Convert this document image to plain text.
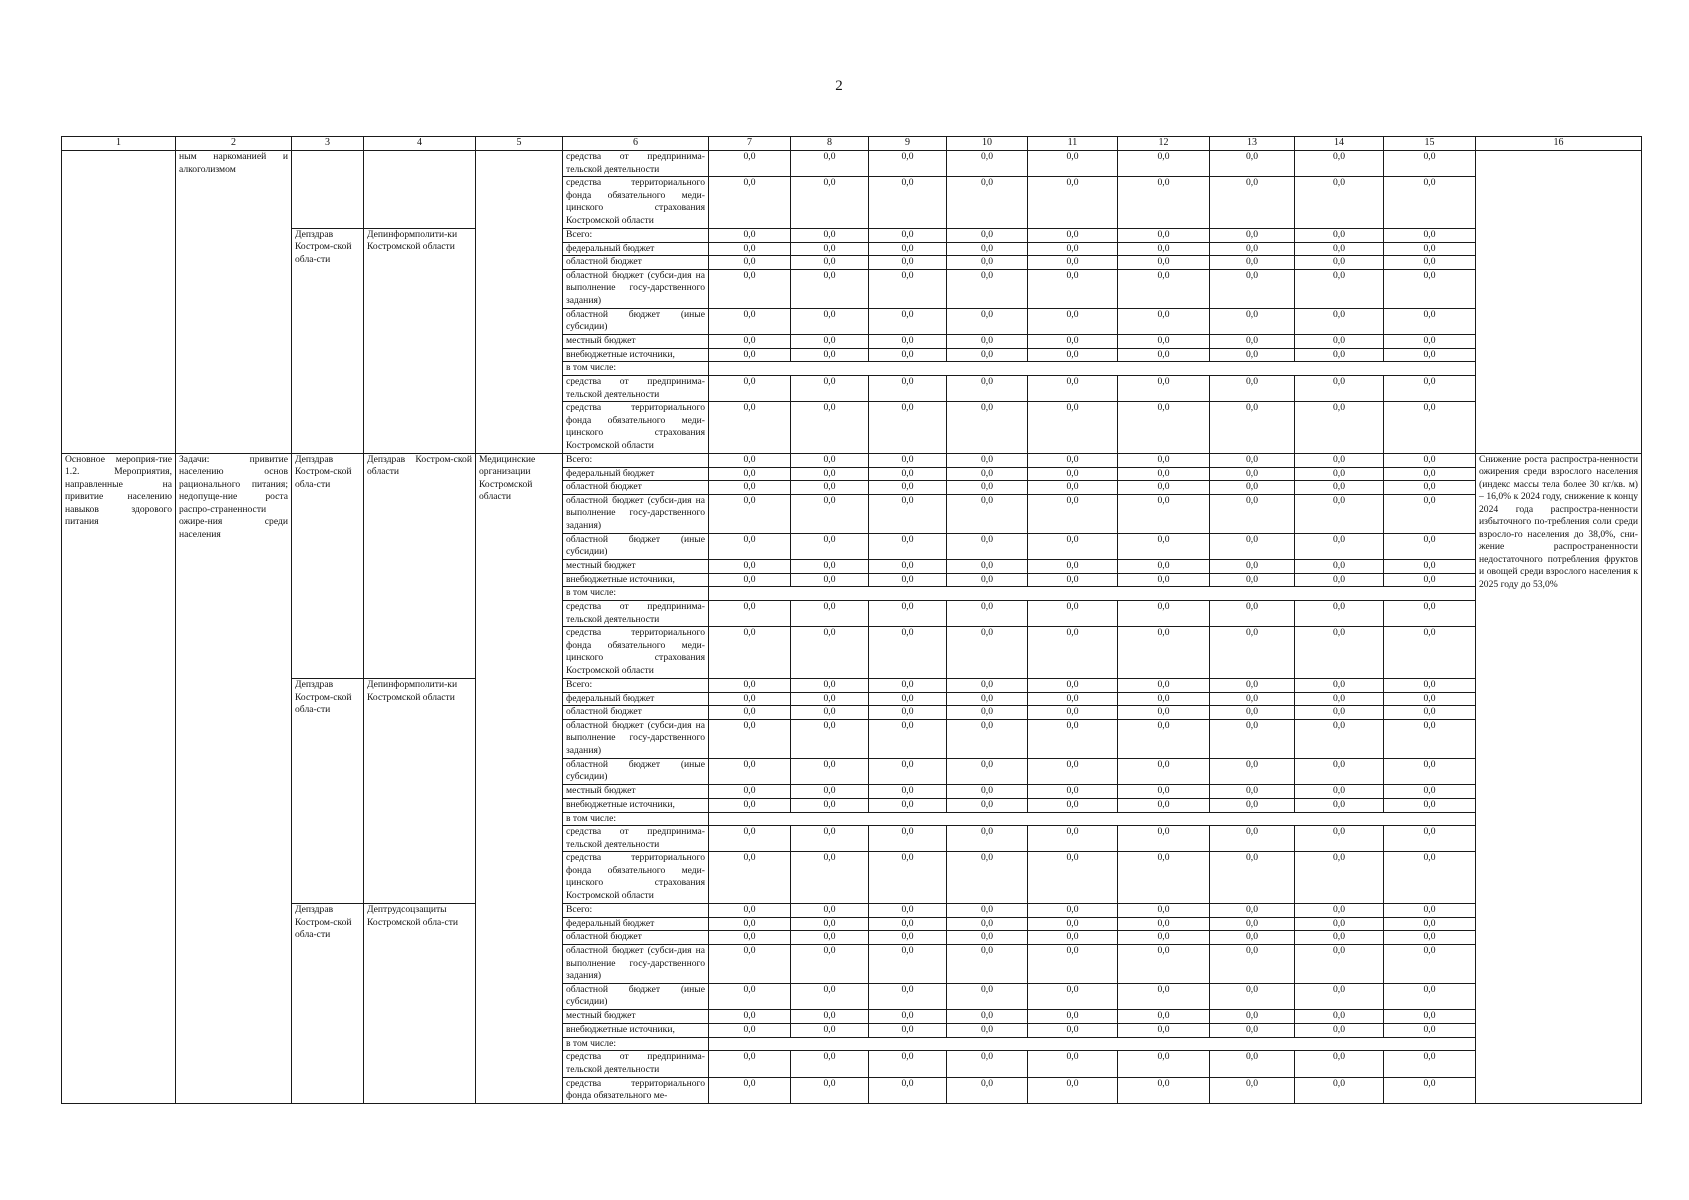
2
1	2	3	4	5	6	7	8	9	10	11	12	13	14	15	16
	ным наркоманией и алкоголизмом				средства от предпринима-тельской деятельности	0,0	0,0	0,0	0,0	0,0	0,0	0,0	0,0	0,0	
					средства территориального фонда обязательного меди-цинского страхования Костромской области	0,0	0,0	0,0	0,0	0,0	0,0	0,0	0,0	0,0	
		Депздрав Костром-ской обла-сти	Депинформполити-ки Костромской области		Всего:	0,0	0,0	0,0	0,0	0,0	0,0	0,0	0,0	0,0	
					федеральный бюджет	0,0	0,0	0,0	0,0	0,0	0,0	0,0	0,0	0,0	
					областной бюджет	0,0	0,0	0,0	0,0	0,0	0,0	0,0	0,0	0,0	
					областной бюджет (субси-дия на выполнение госу-дарственного задания)	0,0	0,0	0,0	0,0	0,0	0,0	0,0	0,0	0,0	
					областной бюджет (иные субсидии)	0,0	0,0	0,0	0,0	0,0	0,0	0,0	0,0	0,0	
					местный бюджет	0,0	0,0	0,0	0,0	0,0	0,0	0,0	0,0	0,0	
					внебюджетные источники,	0,0	0,0	0,0	0,0	0,0	0,0	0,0	0,0	0,0	
					в том числе:										
					средства от предпринима-тельской деятельности	0,0	0,0	0,0	0,0	0,0	0,0	0,0	0,0	0,0	
					средства территориального фонда обязательного меди-цинского страхования Костромской области	0,0	0,0	0,0	0,0	0,0	0,0	0,0	0,0	0,0	
Основное мероприя-тие 1.2. Мероприятия, направленные на привитие населению навыков здорового питания	Задачи: привитие населению основ рационального питания; недопуще-ние роста распро-страненности ожире-ния среди населения	Депздрав Костром-ской обла-сти	Депздрав Костром-ской области	Медицинские организации Костромской области	Всего:	0,0	0,0	0,0	0,0	0,0	0,0	0,0	0,0	0,0	Снижение роста распростра-ненности ожирения среди взрослого населения (индекс массы тела более 30 кг/кв. м) – 16,0% к 2024 году, снижение к концу 2024 года распростра-ненности избыточного по-требления соли среди взросло-го населения до 38,0%, сни-жение распространенности недостаточного потребления фруктов и овощей среди взрослого населения к 2025 году до 53,0%
					федеральный бюджет	0,0	0,0	0,0	0,0	0,0	0,0	0,0	0,0	0,0	
					областной бюджет	0,0	0,0	0,0	0,0	0,0	0,0	0,0	0,0	0,0	
					областной бюджет (субси-дия на выполнение госу-дарственного задания)	0,0	0,0	0,0	0,0	0,0	0,0	0,0	0,0	0,0	
					областной бюджет (иные субсидии)	0,0	0,0	0,0	0,0	0,0	0,0	0,0	0,0	0,0	
					местный бюджет	0,0	0,0	0,0	0,0	0,0	0,0	0,0	0,0	0,0	
					внебюджетные источники,	0,0	0,0	0,0	0,0	0,0	0,0	0,0	0,0	0,0	
					в том числе:										
					средства от предпринима-тельской деятельности	0,0	0,0	0,0	0,0	0,0	0,0	0,0	0,0	0,0	
					средства территориального фонда обязательного меди-цинского страхования Костромской области	0,0	0,0	0,0	0,0	0,0	0,0	0,0	0,0	0,0	
		Депздрав Костром-ской обла-сти	Депинформполити-ки Костромской области		Всего:	0,0	0,0	0,0	0,0	0,0	0,0	0,0	0,0	0,0	
					федеральный бюджет	0,0	0,0	0,0	0,0	0,0	0,0	0,0	0,0	0,0	
					областной бюджет	0,0	0,0	0,0	0,0	0,0	0,0	0,0	0,0	0,0	
					областной бюджет (субси-дия на выполнение госу-дарственного задания)	0,0	0,0	0,0	0,0	0,0	0,0	0,0	0,0	0,0	
					областной бюджет (иные субсидии)	0,0	0,0	0,0	0,0	0,0	0,0	0,0	0,0	0,0	
					местный бюджет	0,0	0,0	0,0	0,0	0,0	0,0	0,0	0,0	0,0	
					внебюджетные источники,	0,0	0,0	0,0	0,0	0,0	0,0	0,0	0,0	0,0	
					в том числе:										
					средства от предпринима-тельской деятельности	0,0	0,0	0,0	0,0	0,0	0,0	0,0	0,0	0,0	
					средства территориального фонда обязательного меди-цинского страхования Костромской области	0,0	0,0	0,0	0,0	0,0	0,0	0,0	0,0	0,0	
		Депздрав Костром-ской обла-сти	Дептрудсоцзащиты Костромской обла-сти		Всего:	0,0	0,0	0,0	0,0	0,0	0,0	0,0	0,0	0,0	
					федеральный бюджет	0,0	0,0	0,0	0,0	0,0	0,0	0,0	0,0	0,0	
					областной бюджет	0,0	0,0	0,0	0,0	0,0	0,0	0,0	0,0	0,0	
					областной бюджет (субси-дия на выполнение госу-дарственного задания)	0,0	0,0	0,0	0,0	0,0	0,0	0,0	0,0	0,0	
					областной бюджет (иные субсидии)	0,0	0,0	0,0	0,0	0,0	0,0	0,0	0,0	0,0	
					местный бюджет	0,0	0,0	0,0	0,0	0,0	0,0	0,0	0,0	0,0	
					внебюджетные источники,	0,0	0,0	0,0	0,0	0,0	0,0	0,0	0,0	0,0	
					в том числе:										
					средства от предпринима-тельской деятельности	0,0	0,0	0,0	0,0	0,0	0,0	0,0	0,0	0,0	
					средства территориального фонда обязательного ме-	0,0	0,0	0,0	0,0	0,0	0,0	0,0	0,0	0,0	
